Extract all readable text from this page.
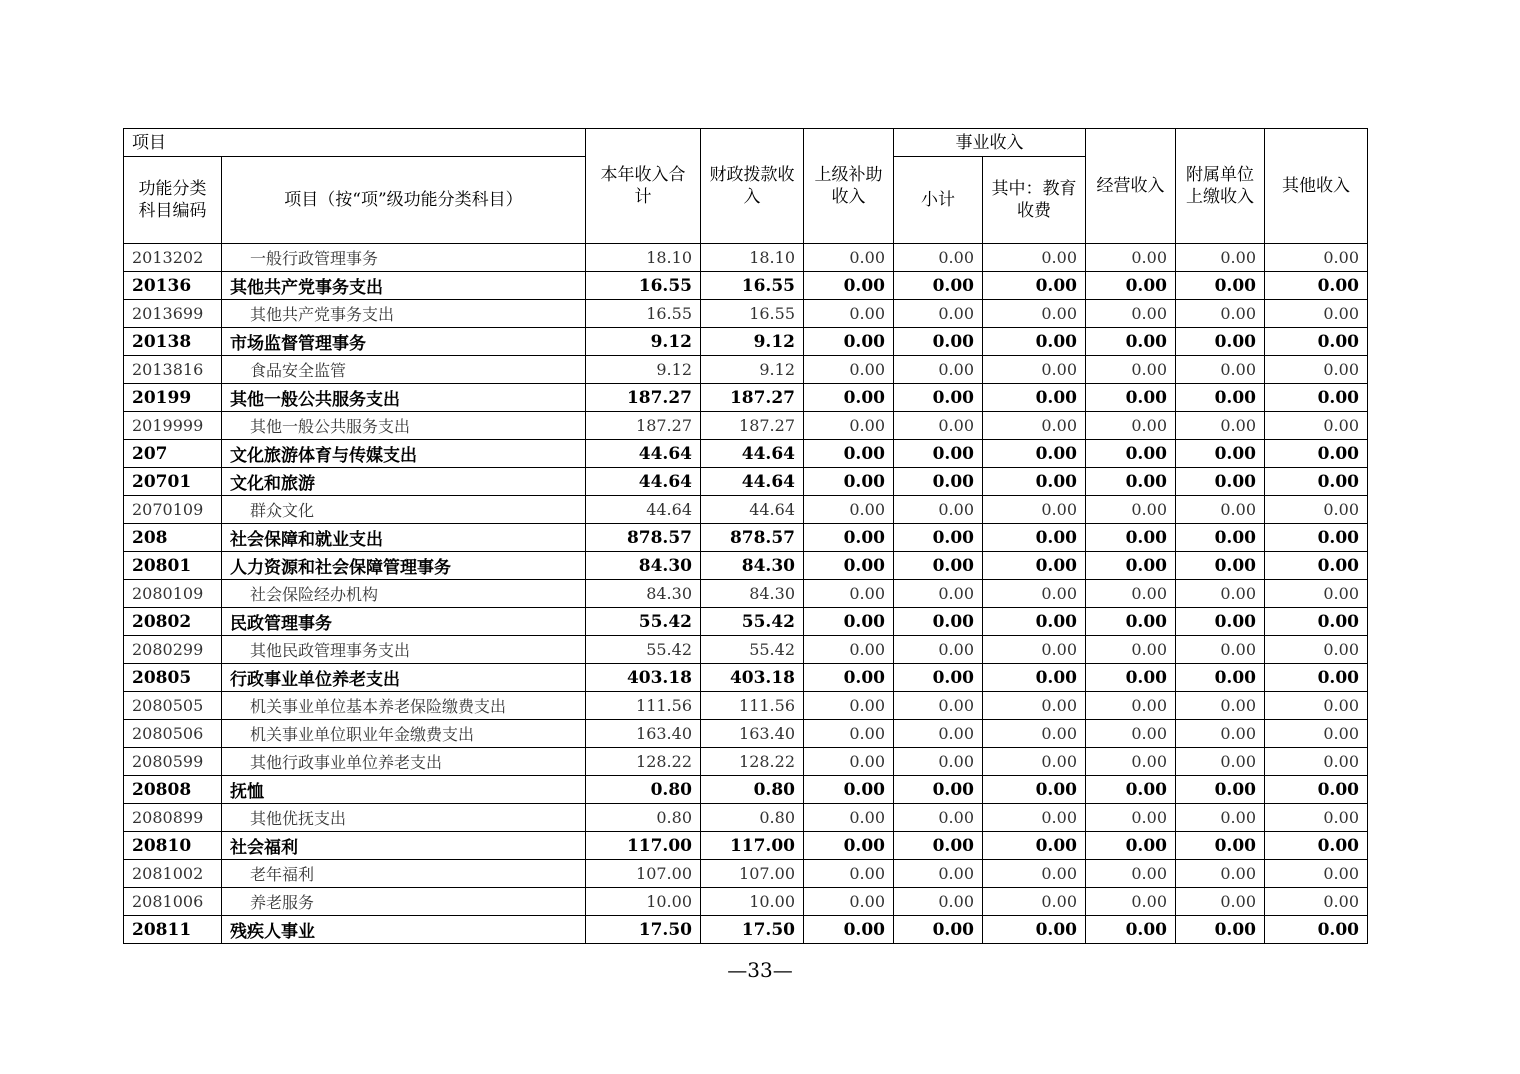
项目		本年收入合计	财政拨款收入	上级补助收入	事业收入		经营收入	附属单位上缴收入	其他收入
功能分类科目编码	项目（按“项”级功能分类科目）				小计	其中：教育收费			

2013202	一般行政管理事务	18.10	18.10	0.00	0.00	0.00	0.00	0.00	0.00
20136	其他共产党事务支出	16.55	16.55	0.00	0.00	0.00	0.00	0.00	0.00
2013699	其他共产党事务支出	16.55	16.55	0.00	0.00	0.00	0.00	0.00	0.00
20138	市场监督管理事务	9.12	9.12	0.00	0.00	0.00	0.00	0.00	0.00
2013816	食品安全监管	9.12	9.12	0.00	0.00	0.00	0.00	0.00	0.00
20199	其他一般公共服务支出	187.27	187.27	0.00	0.00	0.00	0.00	0.00	0.00
2019999	其他一般公共服务支出	187.27	187.27	0.00	0.00	0.00	0.00	0.00	0.00
207	文化旅游体育与传媒支出	44.64	44.64	0.00	0.00	0.00	0.00	0.00	0.00
20701	文化和旅游	44.64	44.64	0.00	0.00	0.00	0.00	0.00	0.00
2070109	群众文化	44.64	44.64	0.00	0.00	0.00	0.00	0.00	0.00
208	社会保障和就业支出	878.57	878.57	0.00	0.00	0.00	0.00	0.00	0.00
20801	人力资源和社会保障管理事务	84.30	84.30	0.00	0.00	0.00	0.00	0.00	0.00
2080109	社会保险经办机构	84.30	84.30	0.00	0.00	0.00	0.00	0.00	0.00
20802	民政管理事务	55.42	55.42	0.00	0.00	0.00	0.00	0.00	0.00
2080299	其他民政管理事务支出	55.42	55.42	0.00	0.00	0.00	0.00	0.00	0.00
20805	行政事业单位养老支出	403.18	403.18	0.00	0.00	0.00	0.00	0.00	0.00
2080505	机关事业单位基本养老保险缴费支出	111.56	111.56	0.00	0.00	0.00	0.00	0.00	0.00
2080506	机关事业单位职业年金缴费支出	163.40	163.40	0.00	0.00	0.00	0.00	0.00	0.00
2080599	其他行政事业单位养老支出	128.22	128.22	0.00	0.00	0.00	0.00	0.00	0.00
20808	抚恤	0.80	0.80	0.00	0.00	0.00	0.00	0.00	0.00
2080899	其他优抚支出	0.80	0.80	0.00	0.00	0.00	0.00	0.00	0.00
20810	社会福利	117.00	117.00	0.00	0.00	0.00	0.00	0.00	0.00
2081002	老年福利	107.00	107.00	0.00	0.00	0.00	0.00	0.00	0.00
2081006	养老服务	10.00	10.00	0.00	0.00	0.00	0.00	0.00	0.00
20811	残疾人事业	17.50	17.50	0.00	0.00	0.00	0.00	0.00	0.00
—33—
